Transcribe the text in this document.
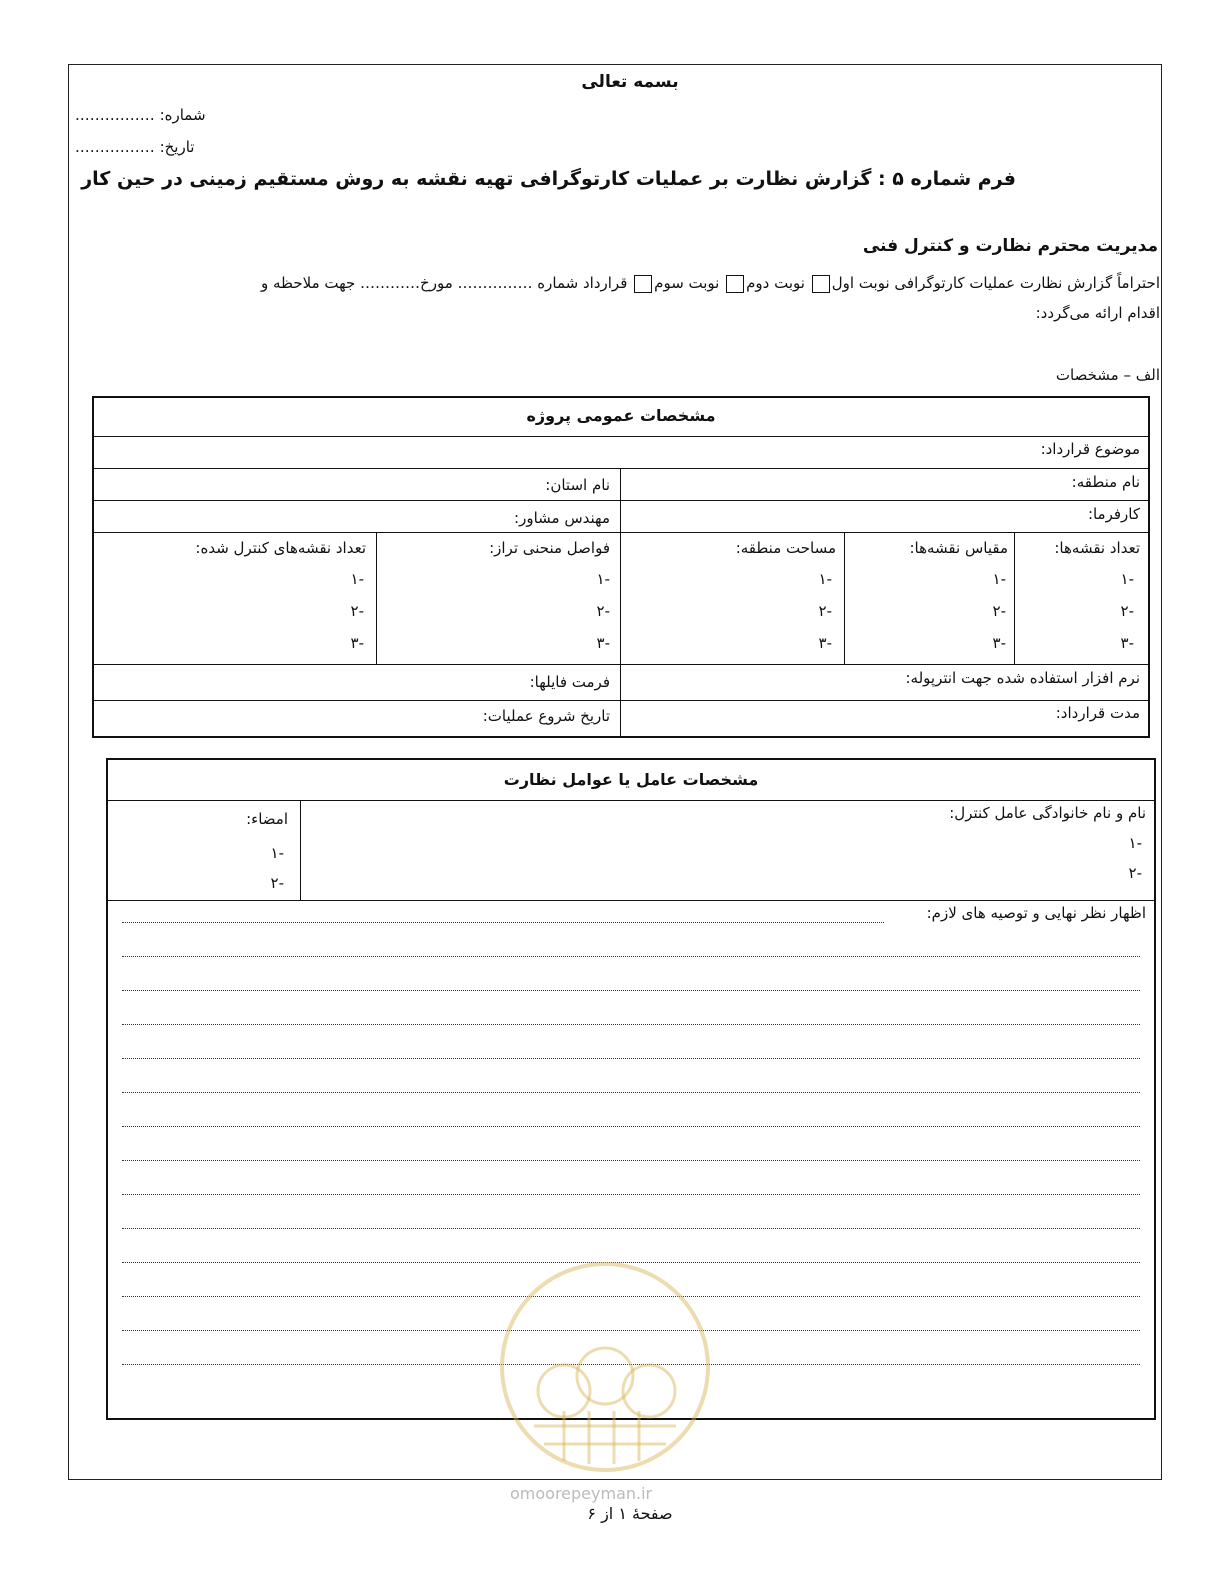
بسمه تعالی
شماره: …………….
تاریخ: …………….
فرم شماره ۵ : گزارش نظارت بر عملیات کارتوگرافی تهیه نقشه به روش مستقیم زمینی در حین کار
مدیریت محترم نظارت و کنترل فنی
احتراماً گزارش نظارت عملیات کارتوگرافی نوبت اول نوبت دوم نوبت سوم قرارداد شماره …………… مورخ………… جهت ملاحظه و
اقدام ارائه می‌گردد:
الف – مشخصات
مشخصات عمومی پروژه
موضوع قرارداد:
نام منطقه:
نام استان:
کارفرما:
مهندس مشاور:
تعداد نقشه‌ها:
مقیاس نقشه‌ها:
مساحت منطقه:
فواصل منحنی تراز:
تعداد نقشه‌های کنترل شده:
-۱
-۲
-۳
-۱
-۲
-۳
-۱
-۲
-۳
-۱
-۲
-۳
-۱
-۲
-۳
نرم افزار استفاده شده جهت انترپوله:
فرمت فایلها:
مدت قرارداد:
تاریخ شروع عملیات:
مشخصات عامل یا عوامل نظارت
نام و نام خانوادگی عامل کنترل:
امضاء:
-۱
-۲
-۱
-۲
اظهار نظر نهایی و توصیه های لازم:
omoorepeyman.ir
صفحهٔ ۱ از ۶
